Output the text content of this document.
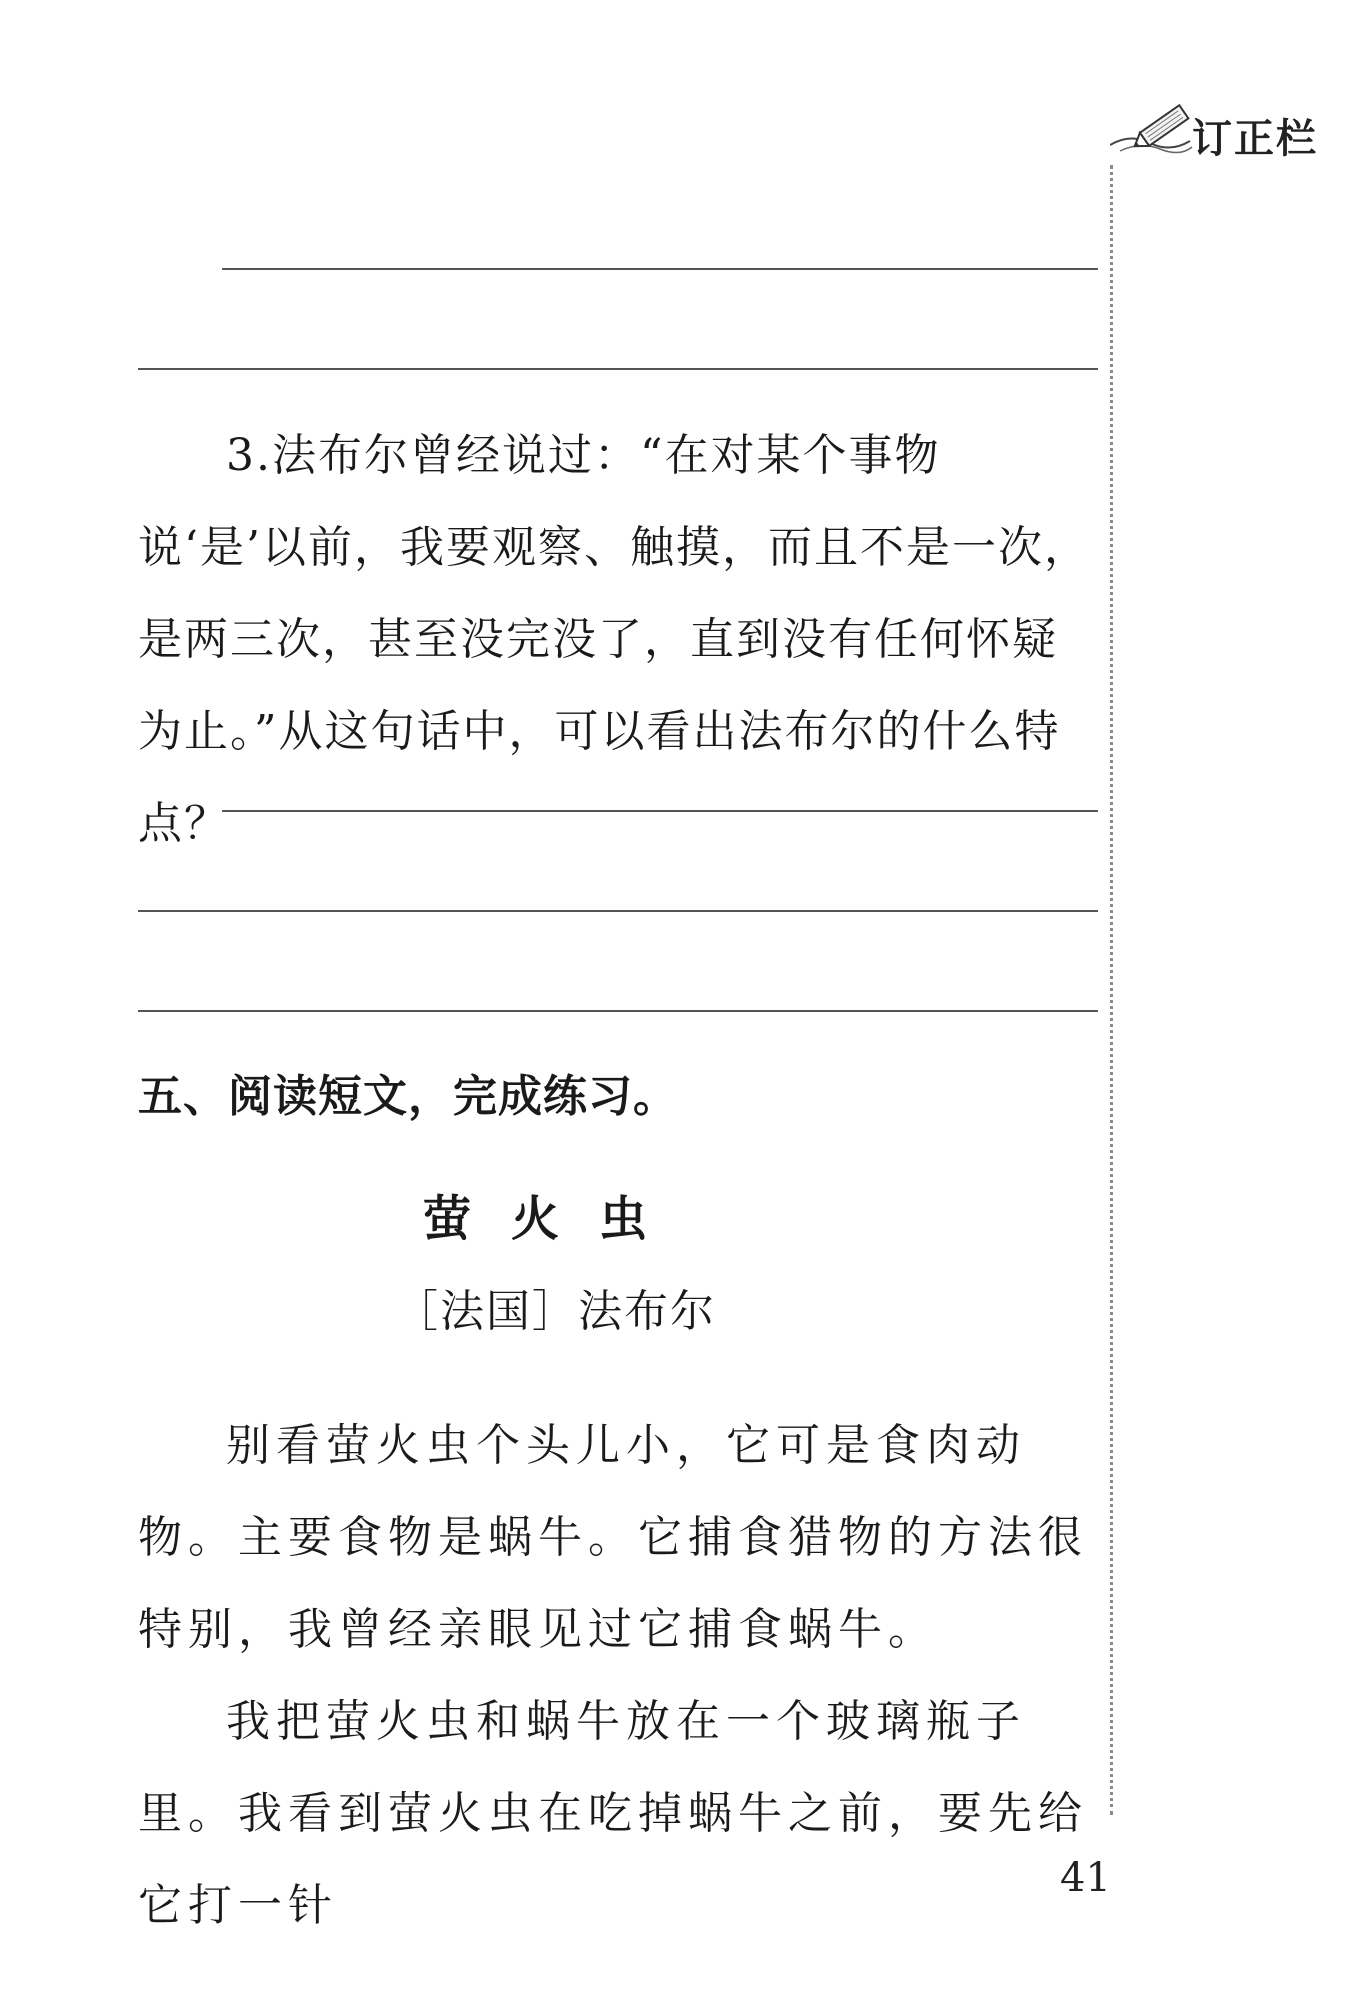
订正栏

3.法布尔曾经说过：“在对某个事物说‘是’以前，我要观察、触摸，而且不是一次，是两三次，甚至没完没了，直到没有任何怀疑为止。”从这句话中，可以看出法布尔的什么特点？

五、阅读短文，完成练习。
萤火虫
［法国］法布尔

别看萤火虫个头儿小，它可是食肉动物。主要食物是蜗牛。它捕食猎物的方法很特别，我曾经亲眼见过它捕食蜗牛。

我把萤火虫和蜗牛放在一个玻璃瓶子里。我看到萤火虫在吃掉蜗牛之前，要先给它打一针

41
